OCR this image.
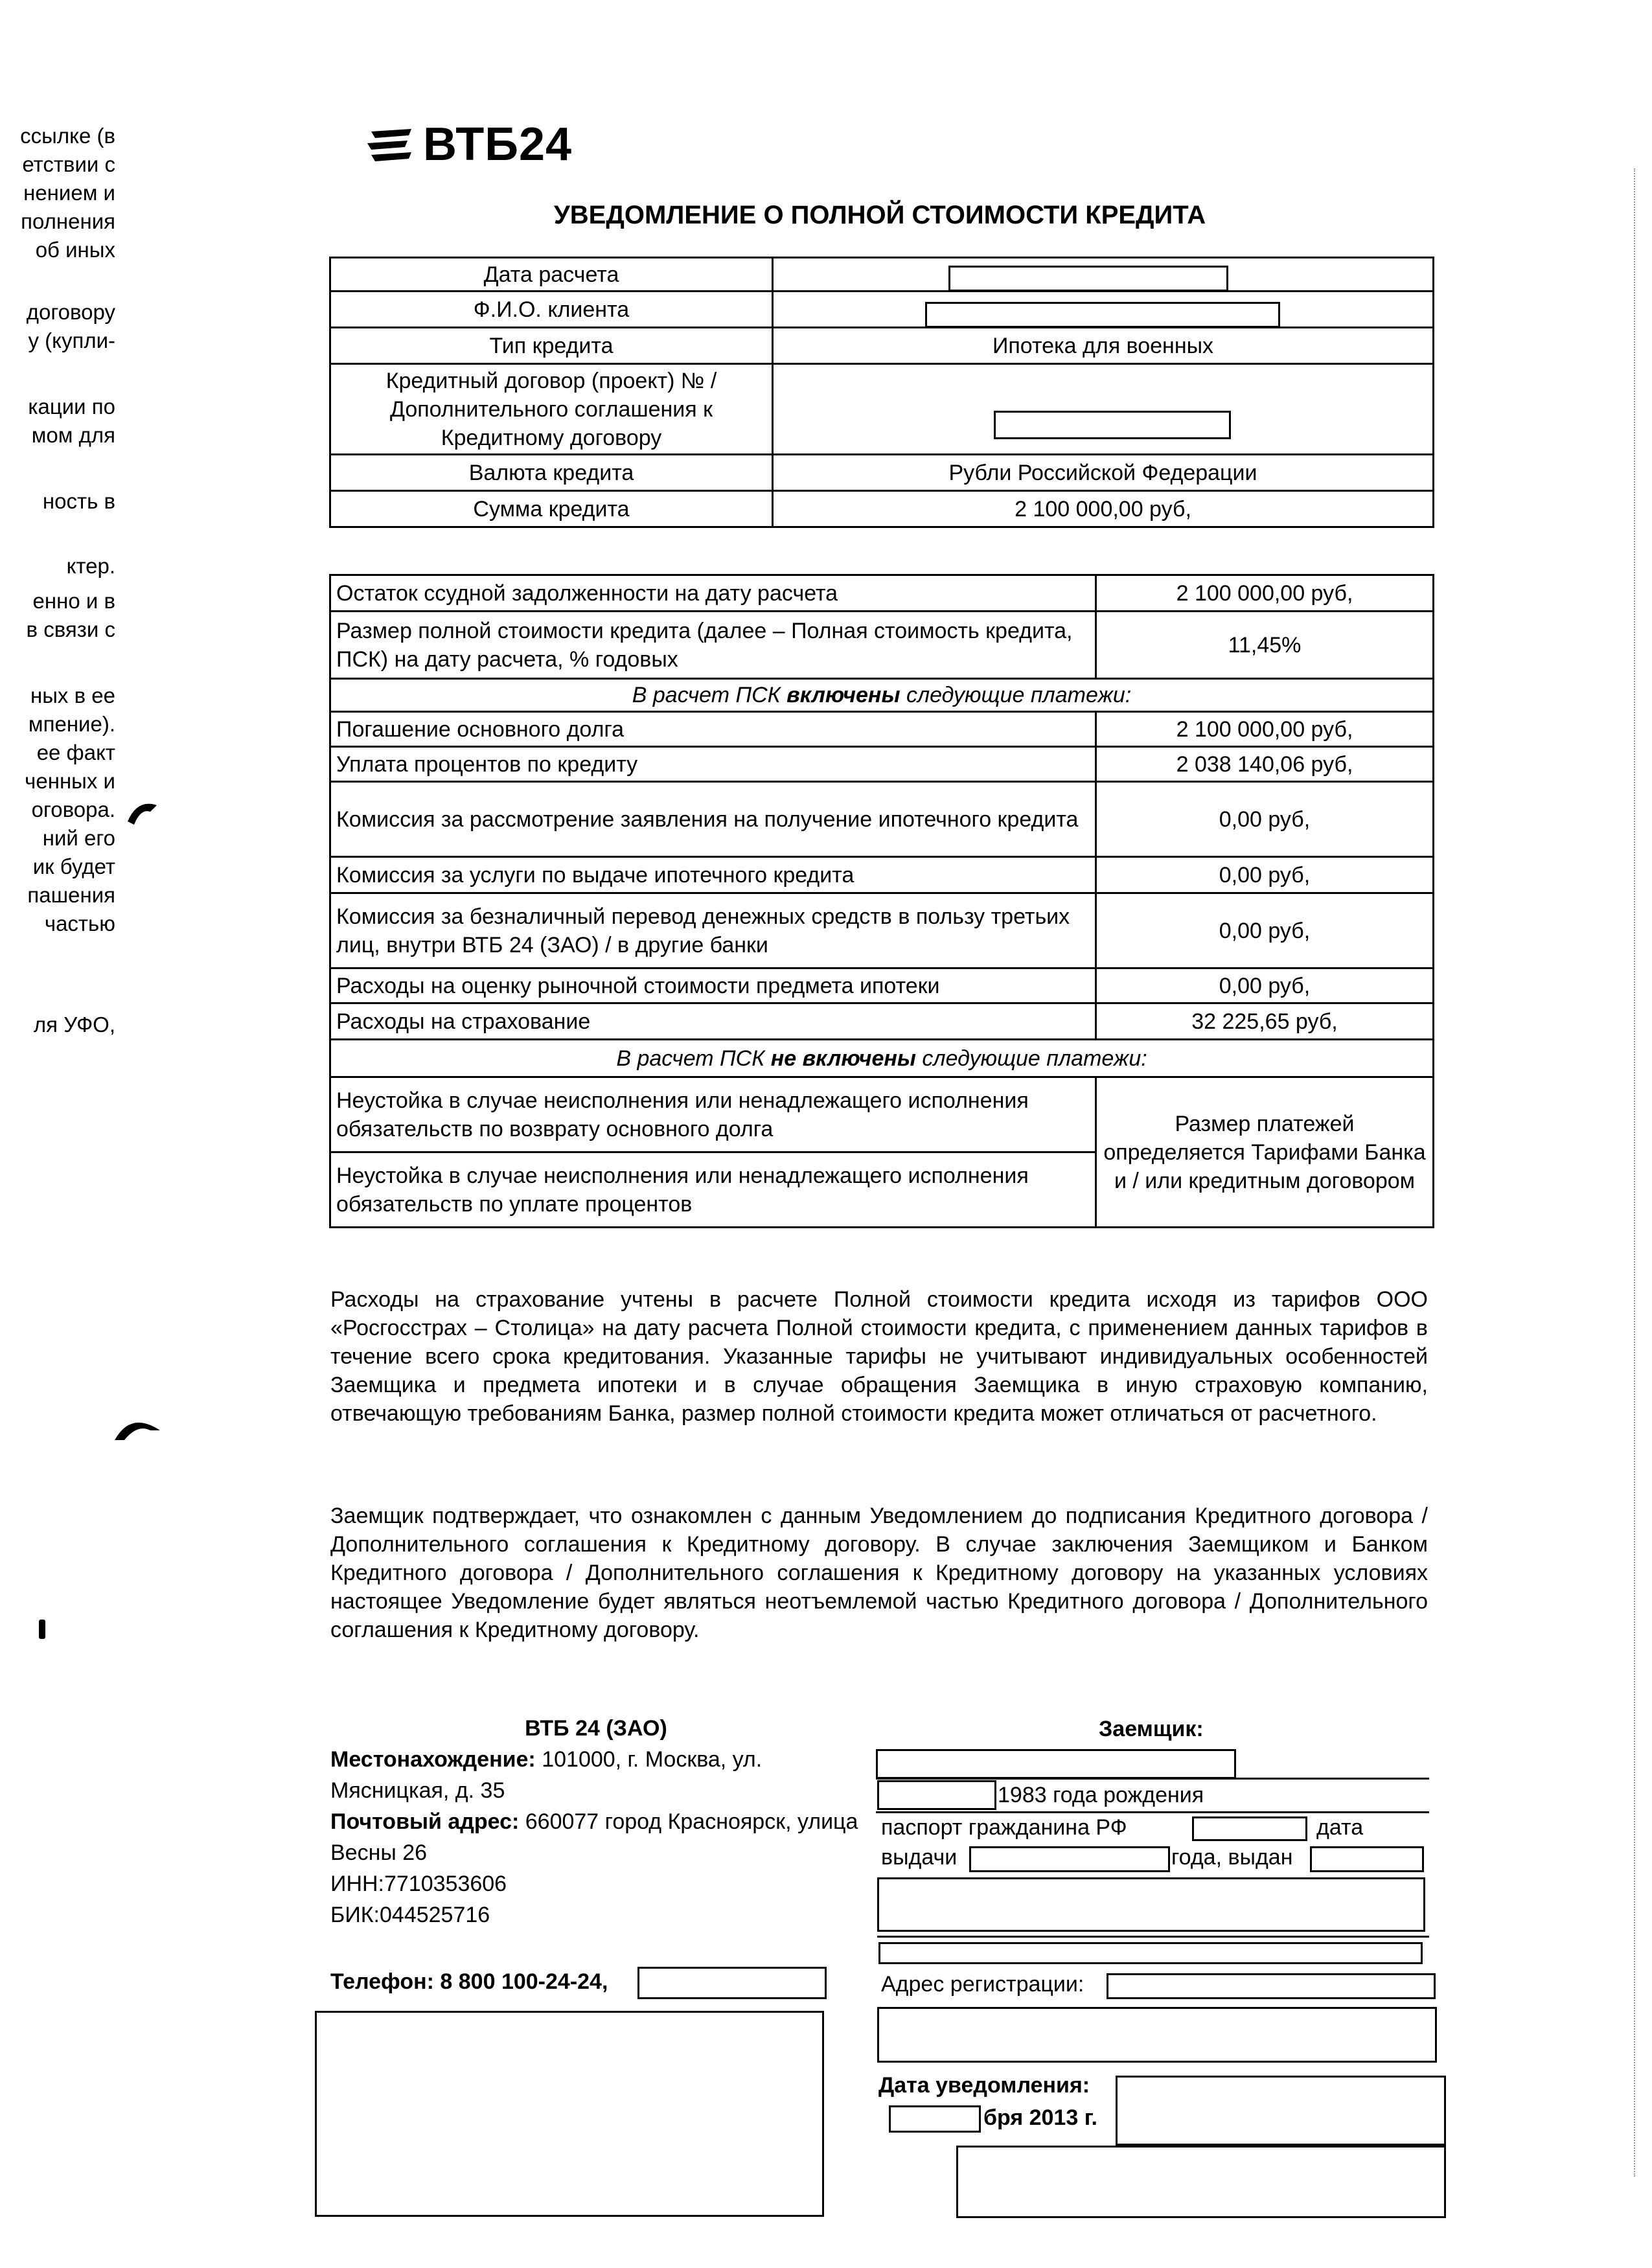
ссылке (в
етствии с
нением и
полнения
об иных
договору
у (купли-
кации по
мом для
ность в
ктер.
енно и в
в связи с
ных в ее
мпение).
ее факт
ченных и
оговора.
ний его
ик будет
пашения
частью
ля УФО,
ВТБ24
УВЕДОМЛЕНИЕ О ПОЛНОЙ СТОИМОСТИ КРЕДИТА
Дата расчета	
Ф.И.О. клиента	
Тип кредита	Ипотека для военных
Кредитный договор (проект) № / Дополнительного соглашения к Кредитному договору	
Валюта кредита	Рубли Российской Федерации
Сумма кредита	2 100 000,00 руб,
Остаток ссудной задолженности на дату расчета	2 100 000,00 руб,
Размер полной стоимости кредита (далее – Полная стоимость кредита, ПСК) на дату расчета, % годовых	11,45%
В расчет ПСК включены следующие платежи:	
Погашение основного долга	2 100 000,00 руб,
Уплата процентов по кредиту	2 038 140,06 руб,
Комиссия за рассмотрение заявления на получение ипотечного кредита	0,00 руб,
Комиссия за услуги по выдаче ипотечного кредита	0,00 руб,
Комиссия за безналичный перевод денежных средств в пользу третьих лиц, внутри ВТБ 24 (ЗАО) / в другие банки	0,00 руб,
Расходы на оценку рыночной стоимости предмета ипотеки	0,00 руб,
Расходы на страхование	32 225,65 руб,
В расчет ПСК не включены следующие платежи:	
Неустойка в случае неисполнения или ненадлежащего исполнения обязательств по возврату основного долга	Размер платежей определяется Тарифами Банка и / или кредитным договором
Неустойка в случае неисполнения или ненадлежащего исполнения обязательств по уплате процентов	
Расходы на страхование учтены в расчете Полной стоимости кредита исходя из тарифов ООО «Росгосстрах – Столица» на дату расчета Полной стоимости кредита, с применением данных тарифов в течение всего срока кредитования. Указанные тарифы не учитывают индивидуальных особенностей Заемщика и предмета ипотеки и в случае обращения Заемщика в иную страховую компанию, отвечающую требованиям Банка, размер полной стоимости кредита может отличаться от расчетного.
Заемщик подтверждает, что ознакомлен с данным Уведомлением до подписания Кредитного договора / Дополнительного соглашения к Кредитному договору. В случае заключения Заемщиком и Банком Кредитного договора / Дополнительного соглашения к Кредитному договору на указанных условиях настоящее Уведомление будет являться неотъемлемой частью Кредитного договора / Дополнительного соглашения к Кредитному договору.
ВТБ 24 (ЗАО)
Местонахождение: 101000, г. Москва, ул. Мясницкая, д. 35
Почтовый адрес: 660077 город Красноярск, улица Весны 26
ИНН:7710353606
БИК:044525716
Телефон: 8 800 100-24-24,
Заемщик:
1983 года рождения
паспорт гражданина РФ	дата
выдачи	года, выдан
Адрес регистрации:
Дата уведомления:
бря 2013 г.
